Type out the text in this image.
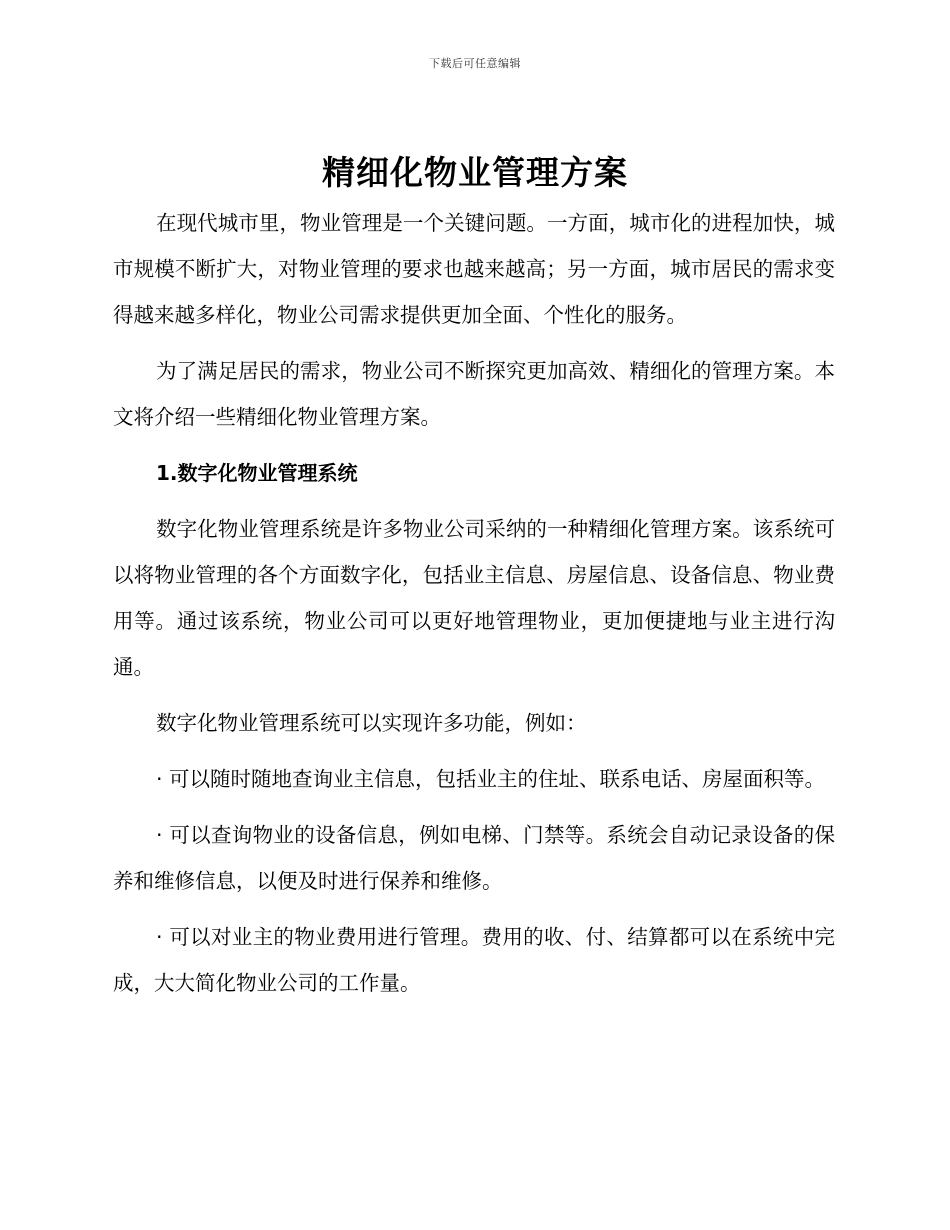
下载后可任意编辑
精细化物业管理方案

在现代城市里，物业管理是一个关键问题。一方面，城市化的进程加快，城市规模不断扩大，对物业管理的要求也越来越高；另一方面，城市居民的需求变得越来越多样化，物业公司需求提供更加全面、个性化的服务。

为了满足居民的需求，物业公司不断探究更加高效、精细化的管理方案。本文将介绍一些精细化物业管理方案。

1.数字化物业管理系统

数字化物业管理系统是许多物业公司采纳的一种精细化管理方案。该系统可以将物业管理的各个方面数字化，包括业主信息、房屋信息、设备信息、物业费用等。通过该系统，物业公司可以更好地管理物业，更加便捷地与业主进行沟通。

数字化物业管理系统可以实现许多功能，例如：

· 可以随时随地查询业主信息，包括业主的住址、联系电话、房屋面积等。

· 可以查询物业的设备信息，例如电梯、门禁等。系统会自动记录设备的保养和维修信息，以便及时进行保养和维修。

· 可以对业主的物业费用进行管理。费用的收、付、结算都可以在系统中完成，大大简化物业公司的工作量。
